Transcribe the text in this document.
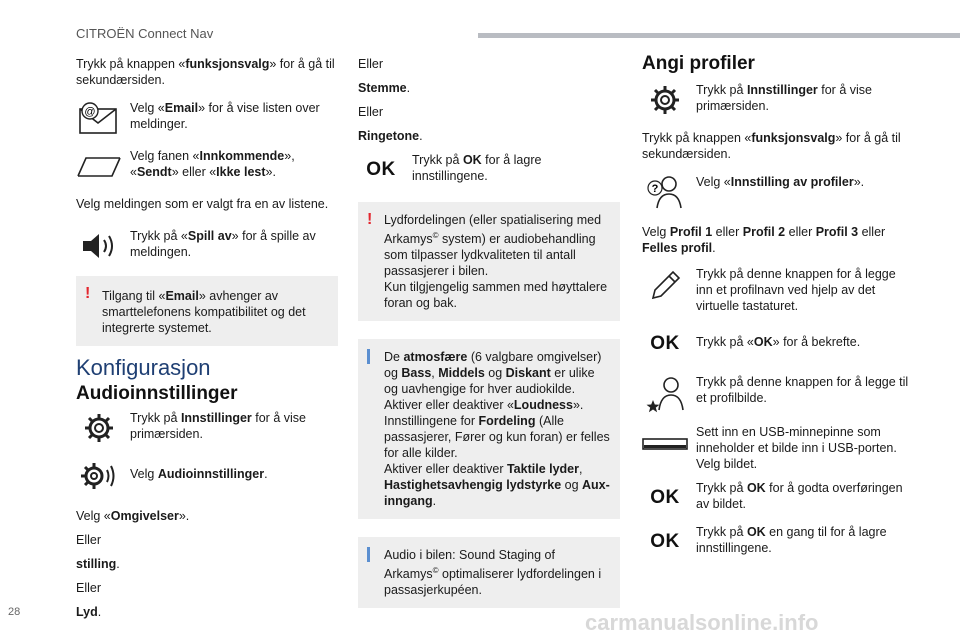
CITROËN Connect Nav

Trykk på knappen «funksjonsvalg» for å gå til sekundærsiden.

@	Velg «Email» for å vise listen over meldinger.

Velg fanen «Innkommende», «Sendt» eller «Ikke lest».

Velg meldingen som er valgt fra en av listene.

Trykk på «Spill av» for å spille av meldingen.

! Tilgang til «Email» avhenger av smarttelefonens kompatibilitet og det integrerte systemet.

Konfigurasjon
Audioinnstillinger

Trykk på Innstillinger for å vise primærsiden.

Velg Audioinnstillinger.

Velg «Omgivelser».

Eller

stilling.

Eller

Lyd.

Eller

Stemme.

Eller

Ringetone.

OK	Trykk på OK for å lagre innstillingene.

! Lydfordelingen (eller spatialisering med Arkamys© system) er audiobehandling som tilpasser lydkvaliteten til antall passasjerer i bilen.

Kun tilgjengelig sammen med høyttalere foran og bak.

De atmosfære (6 valgbare omgivelser) og Bass, Middels og Diskant er ulike og uavhengige for hver audiokilde.

Aktiver eller deaktiver «Loudness».

Innstillingene for Fordeling (Alle passasjerer, Fører og kun foran) er felles for alle kilder.

Aktiver eller deaktiver Taktile lyder, Hastighetsavhengig lydstyrke og Aux-inngang.

Audio i bilen: Sound Staging of Arkamys© optimaliserer lydfordelingen i passasjerkupéen.

Angi profiler

Trykk på Innstillinger for å vise primærsiden.

Trykk på knappen «funksjonsvalg» for å gå til sekundærsiden.

?	Velg «Innstilling av profiler».

Velg Profil 1 eller Profil 2 eller Profil 3 eller Felles profil.

Trykk på denne knappen for å legge inn et profilnavn ved hjelp av det virtuelle tastaturet.

OK	Trykk på «OK» for å bekrefte.

Trykk på denne knappen for å legge til et profilbilde.

Sett inn en USB-minnepinne som inneholder et bilde inn i USB-porten.

Velg bildet.

OK	Trykk på OK for å godta overføringen av bildet.

OK	Trykk på OK en gang til for å lagre innstillingene.

28	carmanualsonline.info
